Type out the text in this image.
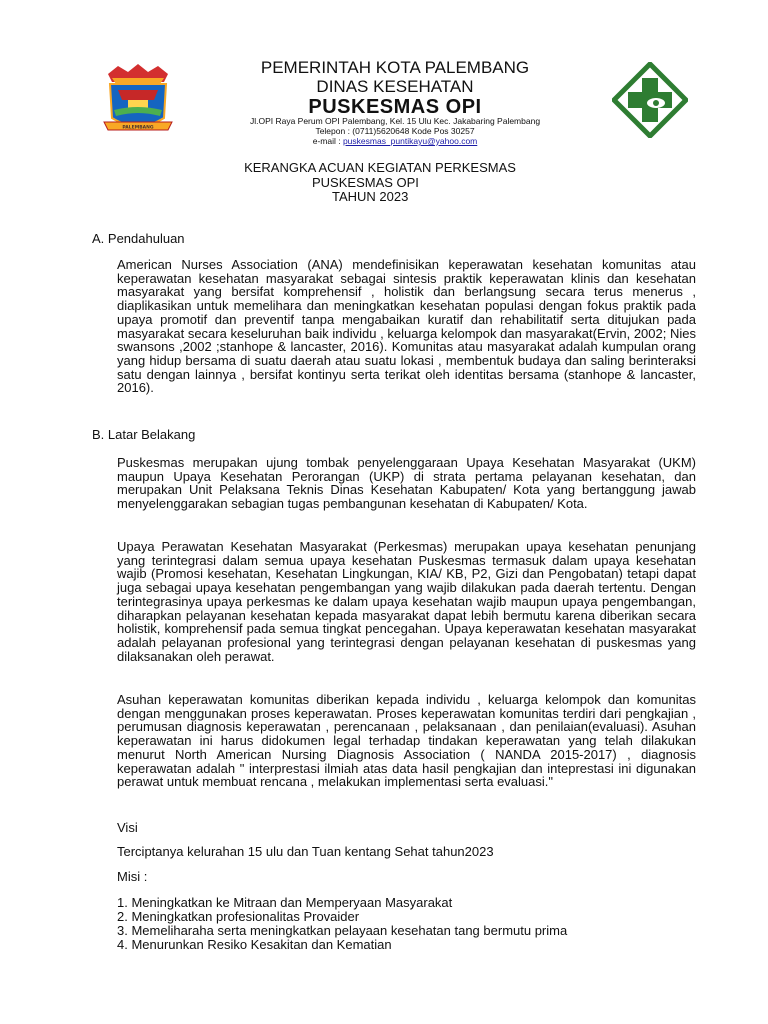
PALEMBANG
PEMERINTAH KOTA PALEMBANG
DINAS KESEHATAN
PUSKESMAS OPI
Jl.OPI Raya Perum OPI Palembang, Kel. 15 Ulu Kec. Jakabaring Palembang
Telepon : (0711)5620648 Kode Pos 30257
e-mail : puskesmas_puntikayu@yahoo.com
KERANGKA ACUAN KEGIATAN PERKESMAS
PUSKESMAS OPI
TAHUN 2023
A. Pendahuluan
American Nurses Association (ANA) mendefinisikan keperawatan kesehatan komunitas atau keperawatan kesehatan masyarakat sebagai sintesis praktik keperawatan klinis dan kesehatan masyarakat yang bersifat komprehensif , holistik dan berlangsung secara terus menerus , diaplikasikan untuk memelihara dan meningkatkan kesehatan populasi dengan fokus praktik pada upaya promotif dan preventif tanpa mengabaikan kuratif dan rehabilitatif serta ditujukan pada masyarakat secara keseluruhan baik individu , keluarga kelompok dan masyarakat(Ervin, 2002; Nies swansons ,2002 ;stanhope & lancaster, 2016). Komunitas atau masyarakat adalah kumpulan orang yang hidup bersama di suatu daerah atau suatu lokasi , membentuk budaya dan saling berinteraksi satu dengan lainnya , bersifat kontinyu serta terikat oleh identitas bersama (stanhope & lancaster, 2016).
B. Latar Belakang
Puskesmas merupakan ujung tombak penyelenggaraan Upaya Kesehatan Masyarakat (UKM) maupun Upaya Kesehatan Perorangan (UKP) di strata pertama pelayanan kesehatan, dan merupakan Unit Pelaksana Teknis Dinas Kesehatan Kabupaten/ Kota yang bertanggung jawab menyelenggarakan sebagian tugas pembangunan kesehatan di Kabupaten/ Kota.
Upaya Perawatan Kesehatan Masyarakat (Perkesmas) merupakan upaya kesehatan penunjang yang terintegrasi dalam semua upaya kesehatan Puskesmas termasuk dalam upaya kesehatan wajib (Promosi kesehatan, Kesehatan Lingkungan, KIA/ KB, P2, Gizi dan Pengobatan) tetapi dapat juga sebagai upaya kesehatan pengembangan yang wajib dilakukan pada daerah tertentu. Dengan terintegrasinya upaya perkesmas ke dalam upaya kesehatan wajib maupun upaya pengembangan, diharapkan pelayanan kesehatan kepada masyarakat dapat lebih bermutu karena diberikan secara holistik, komprehensif pada semua tingkat pencegahan. Upaya keperawatan kesehatan masyarakat adalah pelayanan profesional yang terintegrasi dengan pelayanan kesehatan di puskesmas yang dilaksanakan oleh perawat.
Asuhan keperawatan komunitas diberikan kepada individu , keluarga kelompok dan komunitas dengan menggunakan proses keperawatan. Proses keperawatan komunitas terdiri dari pengkajian , perumusan diagnosis keperawatan , perencanaan , pelaksanaan , dan penilaian(evaluasi). Asuhan keperawatan ini harus didokumen legal terhadap tindakan keperawatan yang telah dilakukan menurut North American Nursing Diagnosis Association ( NANDA 2015-2017) , diagnosis keperawatan adalah " interprestasi ilmiah atas data hasil pengkajian dan inteprestasi ini digunakan perawat untuk membuat rencana , melakukan implementasi serta evaluasi."
Visi
Terciptanya kelurahan 15 ulu dan Tuan kentang Sehat tahun2023
Misi :
1. Meningkatkan ke Mitraan dan Memperyaan Masyarakat
2. Meningkatkan profesionalitas Provaider
3. Memeliharaha serta meningkatkan pelayaan kesehatan tang bermutu prima
4. Menurunkan Resiko Kesakitan dan Kematian
